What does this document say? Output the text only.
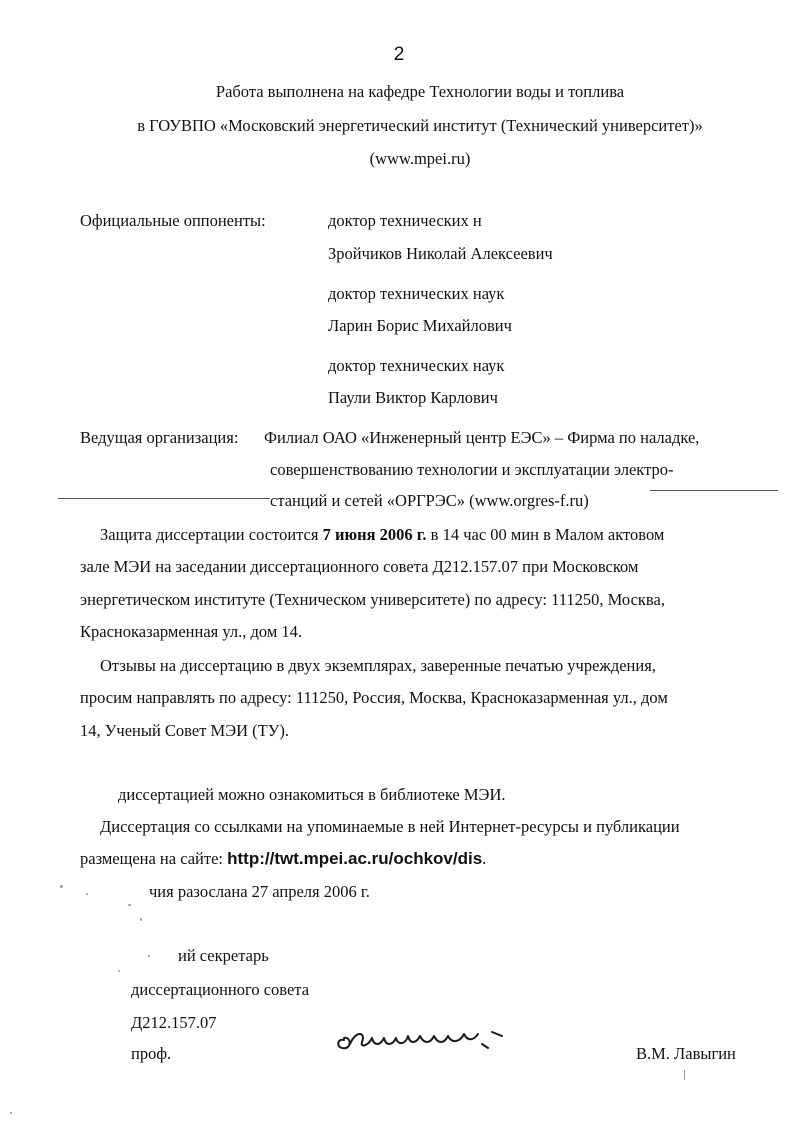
2
Работа выполнена на кафедре Технологии воды и топлива
в ГОУВПО «Московский энергетический институт (Технический университет)»
(www.mpei.ru)
Официальные оппоненты:	доктор технических н
Зройчиков Николай Алексеевич
доктор технических наук
Ларин Борис Михайлович
доктор технических наук
Паули Виктор Карлович
Ведущая организация: Филиал ОАО «Инженерный центр ЕЭС» – Фирма по наладке,
совершенствованию технологии и эксплуатации электро-
станций и сетей «ОРГРЭС» (www.orgres-f.ru)
Защита диссертации состоится 7 июня 2006 г. в 14 час 00 мин в Малом актовом
зале МЭИ на заседании диссертационного совета Д212.157.07 при Московском
энергетическом институте (Техническом университете) по адресу: 111250, Москва,
Красноказарменная ул., дом 14.
Отзывы на диссертацию в двух экземплярах, заверенные печатью учреждения,
просим направлять по адресу: 111250, Россия, Москва, Красноказарменная ул., дом
14, Ученый Совет МЭИ (ТУ).
диссертацией можно ознакомиться в библиотеке МЭИ.
Диссертация со ссылками на упоминаемые в ней Интернет-ресурсы и публикации
размещена на сайте: http://twt.mpei.ac.ru/ochkov/dis.
чия разослана 27 апреля 2006 г.
ий секретарь
диссертационного совета
Д212.157.07
проф.	В.М. Лавыгин
